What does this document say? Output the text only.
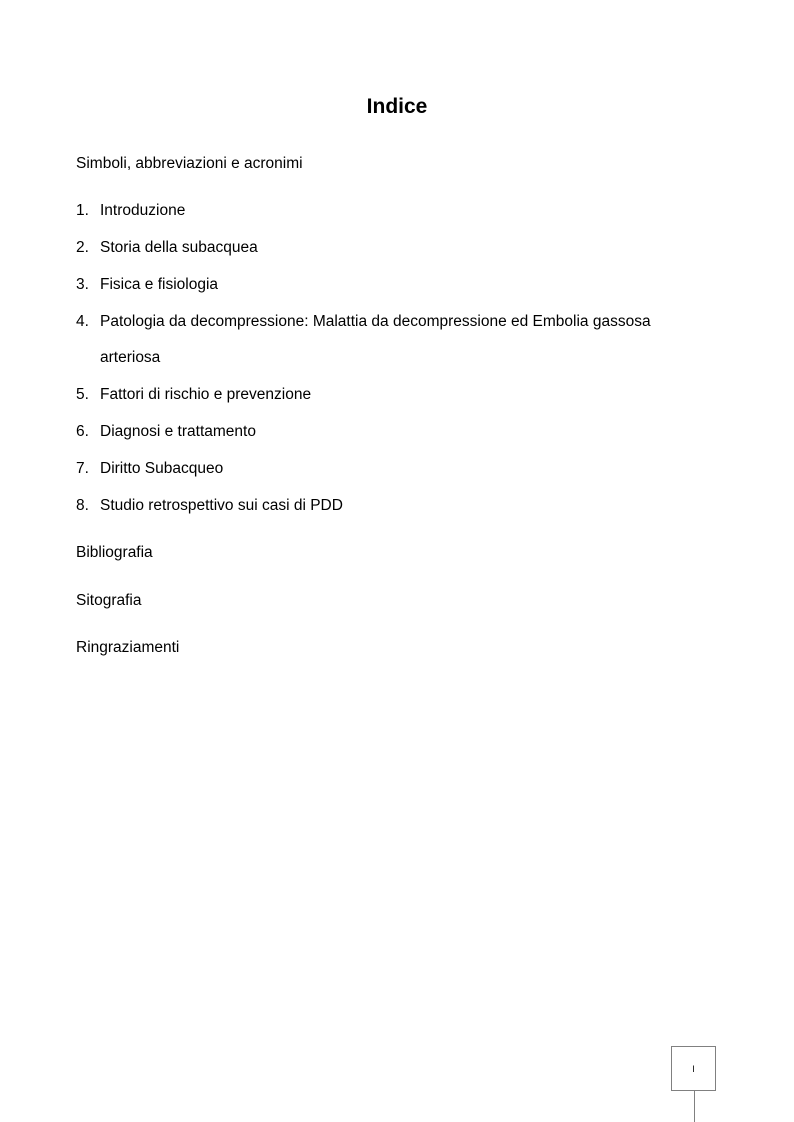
Indice
Simboli, abbreviazioni e acronimi
1. Introduzione
2. Storia della subacquea
3. Fisica e fisiologia
4. Patologia da decompressione: Malattia da decompressione ed Embolia gassosa
arteriosa
5. Fattori di rischio e prevenzione
6. Diagnosi e trattamento
7. Diritto Subacqueo
8. Studio retrospettivo sui casi di PDD
Bibliografia
Sitografia
Ringraziamenti
I
